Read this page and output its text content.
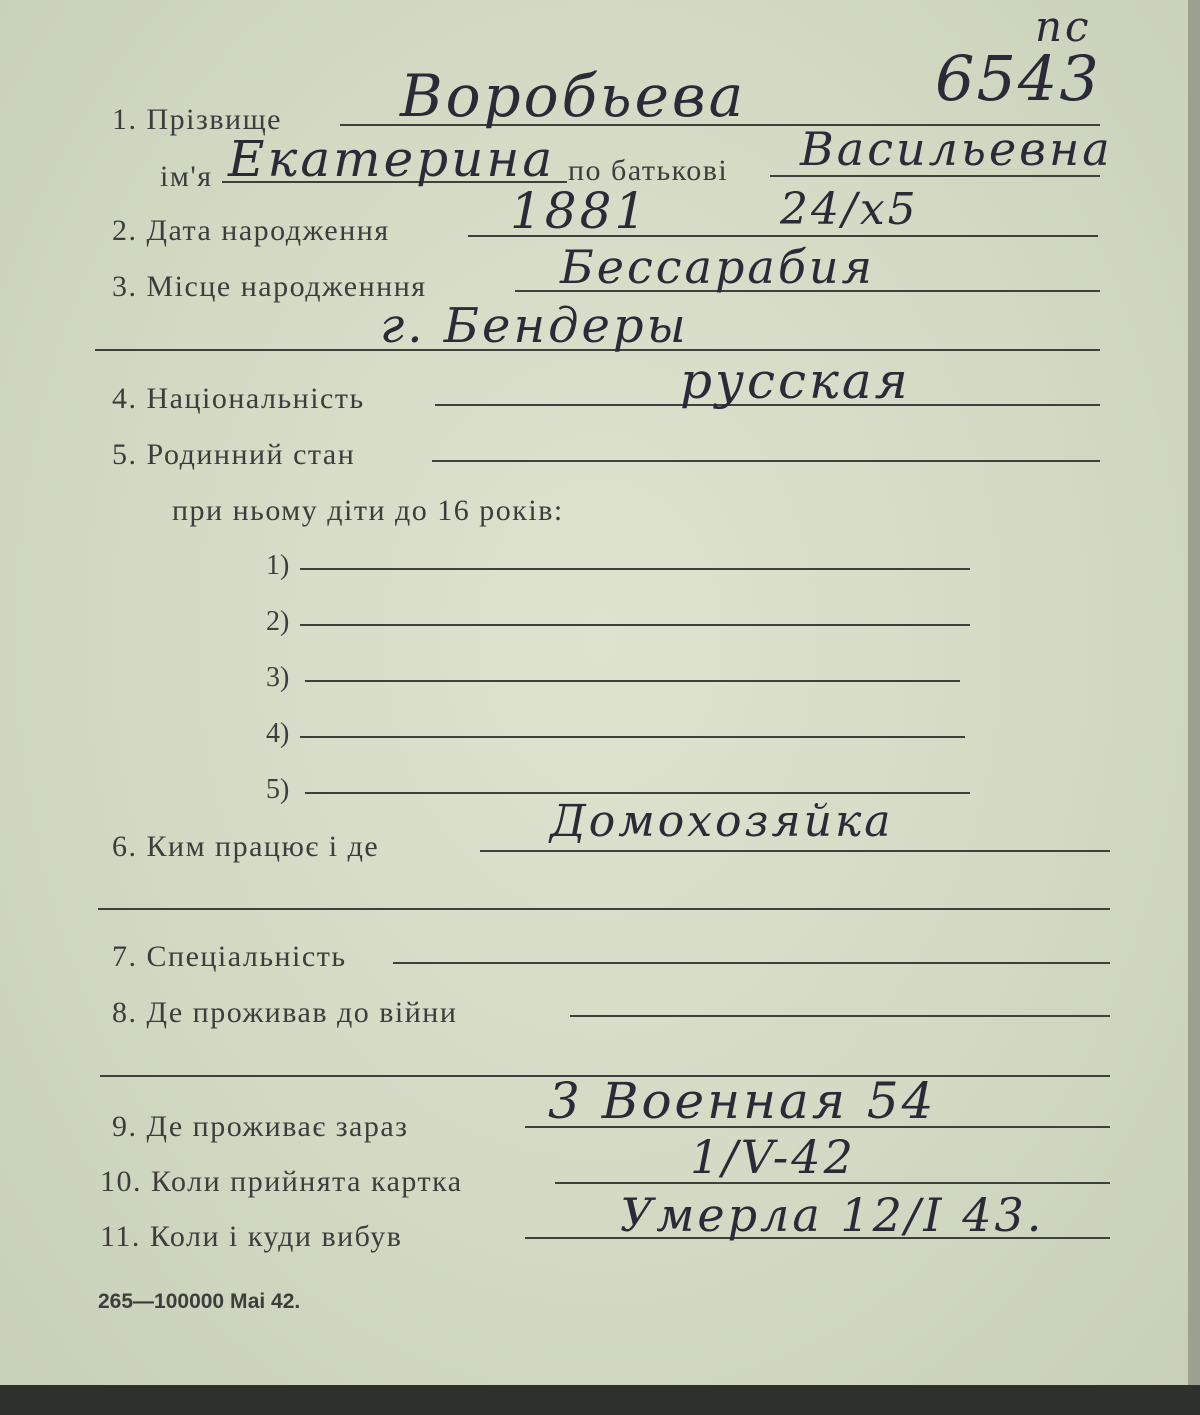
пс
6543
1. Прізвище Воробьева
ім'я Екатерина по батькові Васильевна
2. Дата народження 1881	24/x5
3. Місце народженння	Бессарабия
г. Бендеры
4. Національність	русская
5. Родинний стан
при ньому діти до 16 років:
1)
2)
3)
4)
5)
6. Ким працює і де	Домохозяйка
7. Спеціальність
8. Де проживав до війни
9. Де проживає зараз	3 Военная 54
10. Коли прийнята картка	1/V-42
11. Коли і куди вибув	Умерла 12/I 43.
265—100000 Маі 42.
